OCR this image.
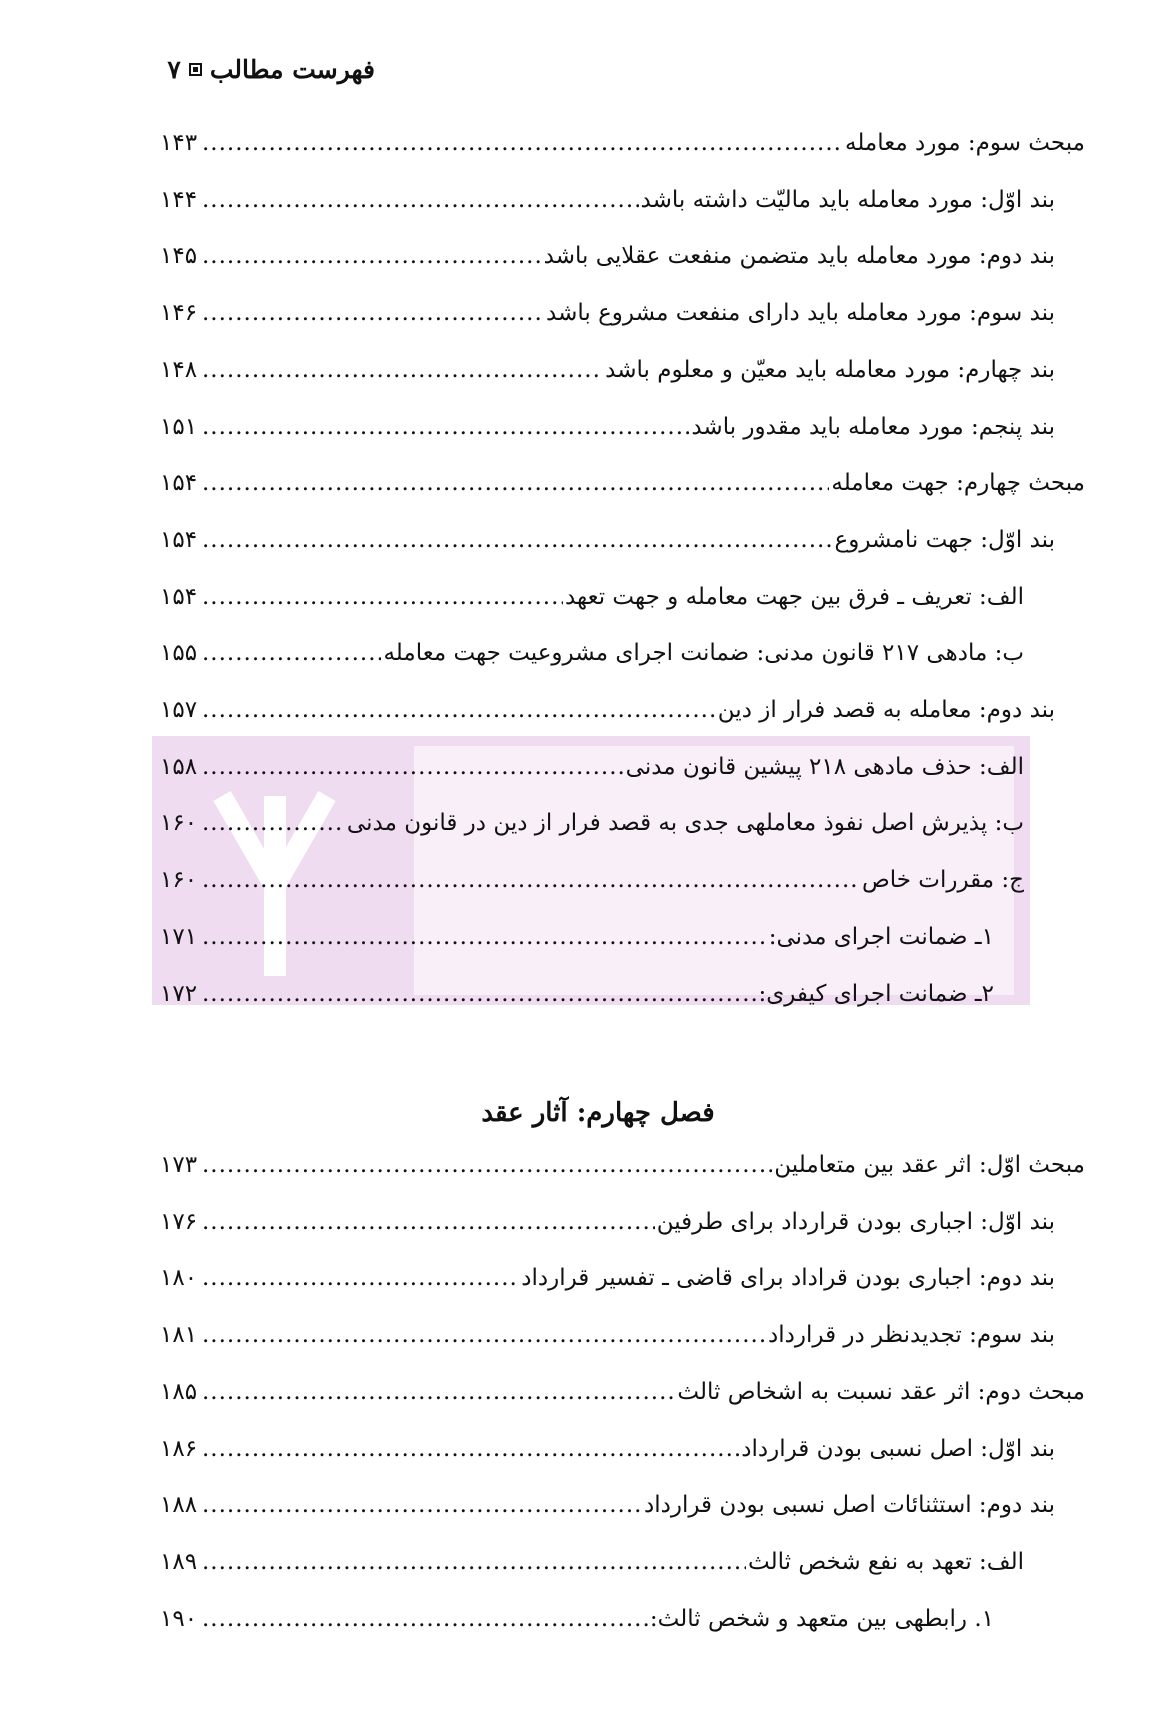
فهرست مطالب
۷
مبحث سوم: مورد معامله
.....
۱۴۳
بند اوّل: مورد معامله باید مالیّت داشته باشد
.....
۱۴۴
بند دوم: مورد معامله باید متضمن منفعت عقلایی باشد
.....
۱۴۵
بند سوم: مورد معامله باید دارای منفعت مشروع باشد
.....
۱۴۶
بند چهارم: مورد معامله باید معیّن و معلوم باشد
.....
۱۴۸
بند پنجم: مورد معامله باید مقدور باشد
.....
۱۵۱
مبحث چهارم: جهت معامله
.....
۱۵۴
بند اوّل: جهت نامشروع
.....
۱۵۴
الف: تعریف ـ فرق بین جهت معامله و جهت تعهد
.....
۱۵۴
ب: مادهی ۲۱۷ قانون مدنی: ضمانت اجرای مشروعیت جهت معامله
.....
۱۵۵
بند دوم: معامله به قصد فرار از دین
.....
۱۵۷
الف: حذف مادهی ۲۱۸ پیشین قانون مدنی
.....
۱۵۸
ب: پذیرش اصل نفوذ معاملهی جدی به قصد فرار از دین در قانون مدنی
.....
۱۶۰
ج: مقررات خاص
.....
۱۶۰
۱ـ ضمانت اجرای مدنی:
.....
۱۷۱
۲ـ ضمانت اجرای کیفری:
.....
۱۷۲
فصل چهارم: آثار عقد
مبحث اوّل: اثر عقد بین متعاملین
.....
۱۷۳
بند اوّل: اجباری بودن قرارداد برای طرفین
.....
۱۷۶
بند دوم: اجباری بودن قراداد برای قاضی ـ تفسیر قرارداد
.....
۱۸۰
بند سوم: تجدیدنظر در قرارداد
.....
۱۸۱
مبحث دوم: اثر عقد نسبت به اشخاص ثالث
.....
۱۸۵
بند اوّل: اصل نسبی بودن قرارداد
.....
۱۸۶
بند دوم: استثنائات اصل نسبی بودن قرارداد
.....
۱۸۸
الف: تعهد به نفع شخص ثالث
.....
۱۸۹
۱. رابطهی بین متعهد و شخص ثالث:
.....
۱۹۰
